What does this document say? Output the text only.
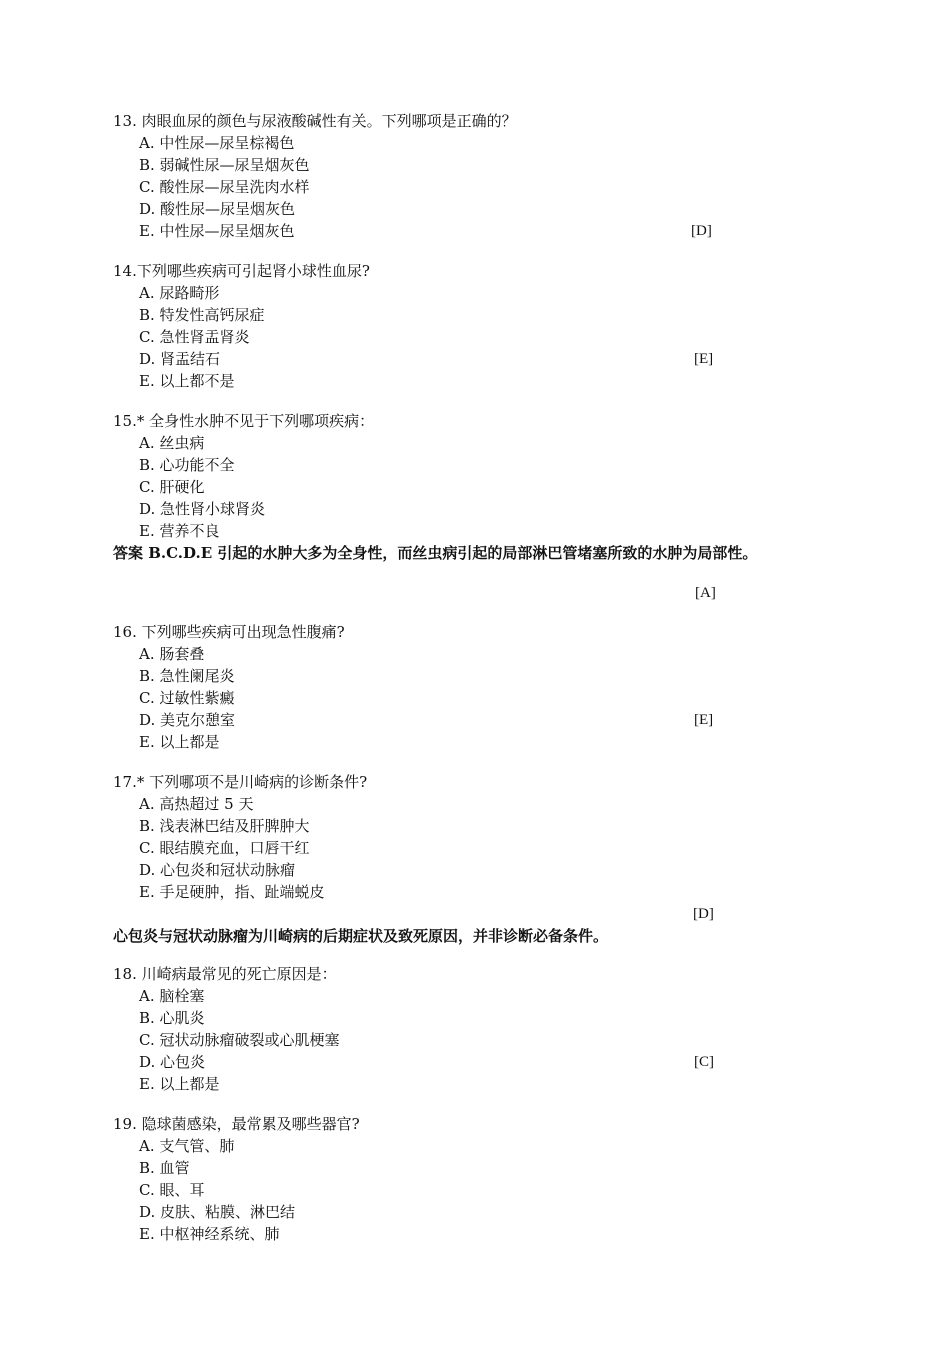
13. 肉眼血尿的颜色与尿液酸碱性有关。下列哪项是正确的？
A. 中性尿—尿呈棕褐色
B. 弱碱性尿—尿呈烟灰色
C. 酸性尿—尿呈洗肉水样
D. 酸性尿—尿呈烟灰色
E. 中性尿—尿呈烟灰色	[D]
14.下列哪些疾病可引起肾小球性血尿?
A. 尿路畸形
B. 特发性高钙尿症
C. 急性肾盂肾炎
D. 肾盂结石	[E]
E. 以上都不是
15.* 全身性水肿不见于下列哪项疾病：
A. 丝虫病
B. 心功能不全
C. 肝硬化
D. 急性肾小球肾炎
E. 营养不良
答案 B.C.D.E 引起的水肿大多为全身性，而丝虫病引起的局部淋巴管堵塞所致的水肿为局部性。
[A]
16. 下列哪些疾病可出现急性腹痛?
A. 肠套叠
B. 急性阑尾炎
C. 过敏性紫癜
D. 美克尔憩室	[E]
E. 以上都是
17.* 下列哪项不是川崎病的诊断条件?
A. 高热超过 5 天
B. 浅表淋巴结及肝脾肿大
C. 眼结膜充血，口唇干红
D. 心包炎和冠状动脉瘤
E. 手足硬肿，指、趾端蜕皮
[D]
心包炎与冠状动脉瘤为川崎病的后期症状及致死原因，并非诊断必备条件。
18. 川崎病最常见的死亡原因是：
A. 脑栓塞
B. 心肌炎
C. 冠状动脉瘤破裂或心肌梗塞
D. 心包炎	[C]
E. 以上都是
19. 隐球菌感染，最常累及哪些器官?
A. 支气管、肺
B. 血管
C. 眼、耳
D. 皮肤、粘膜、淋巴结
E. 中枢神经系统、肺
